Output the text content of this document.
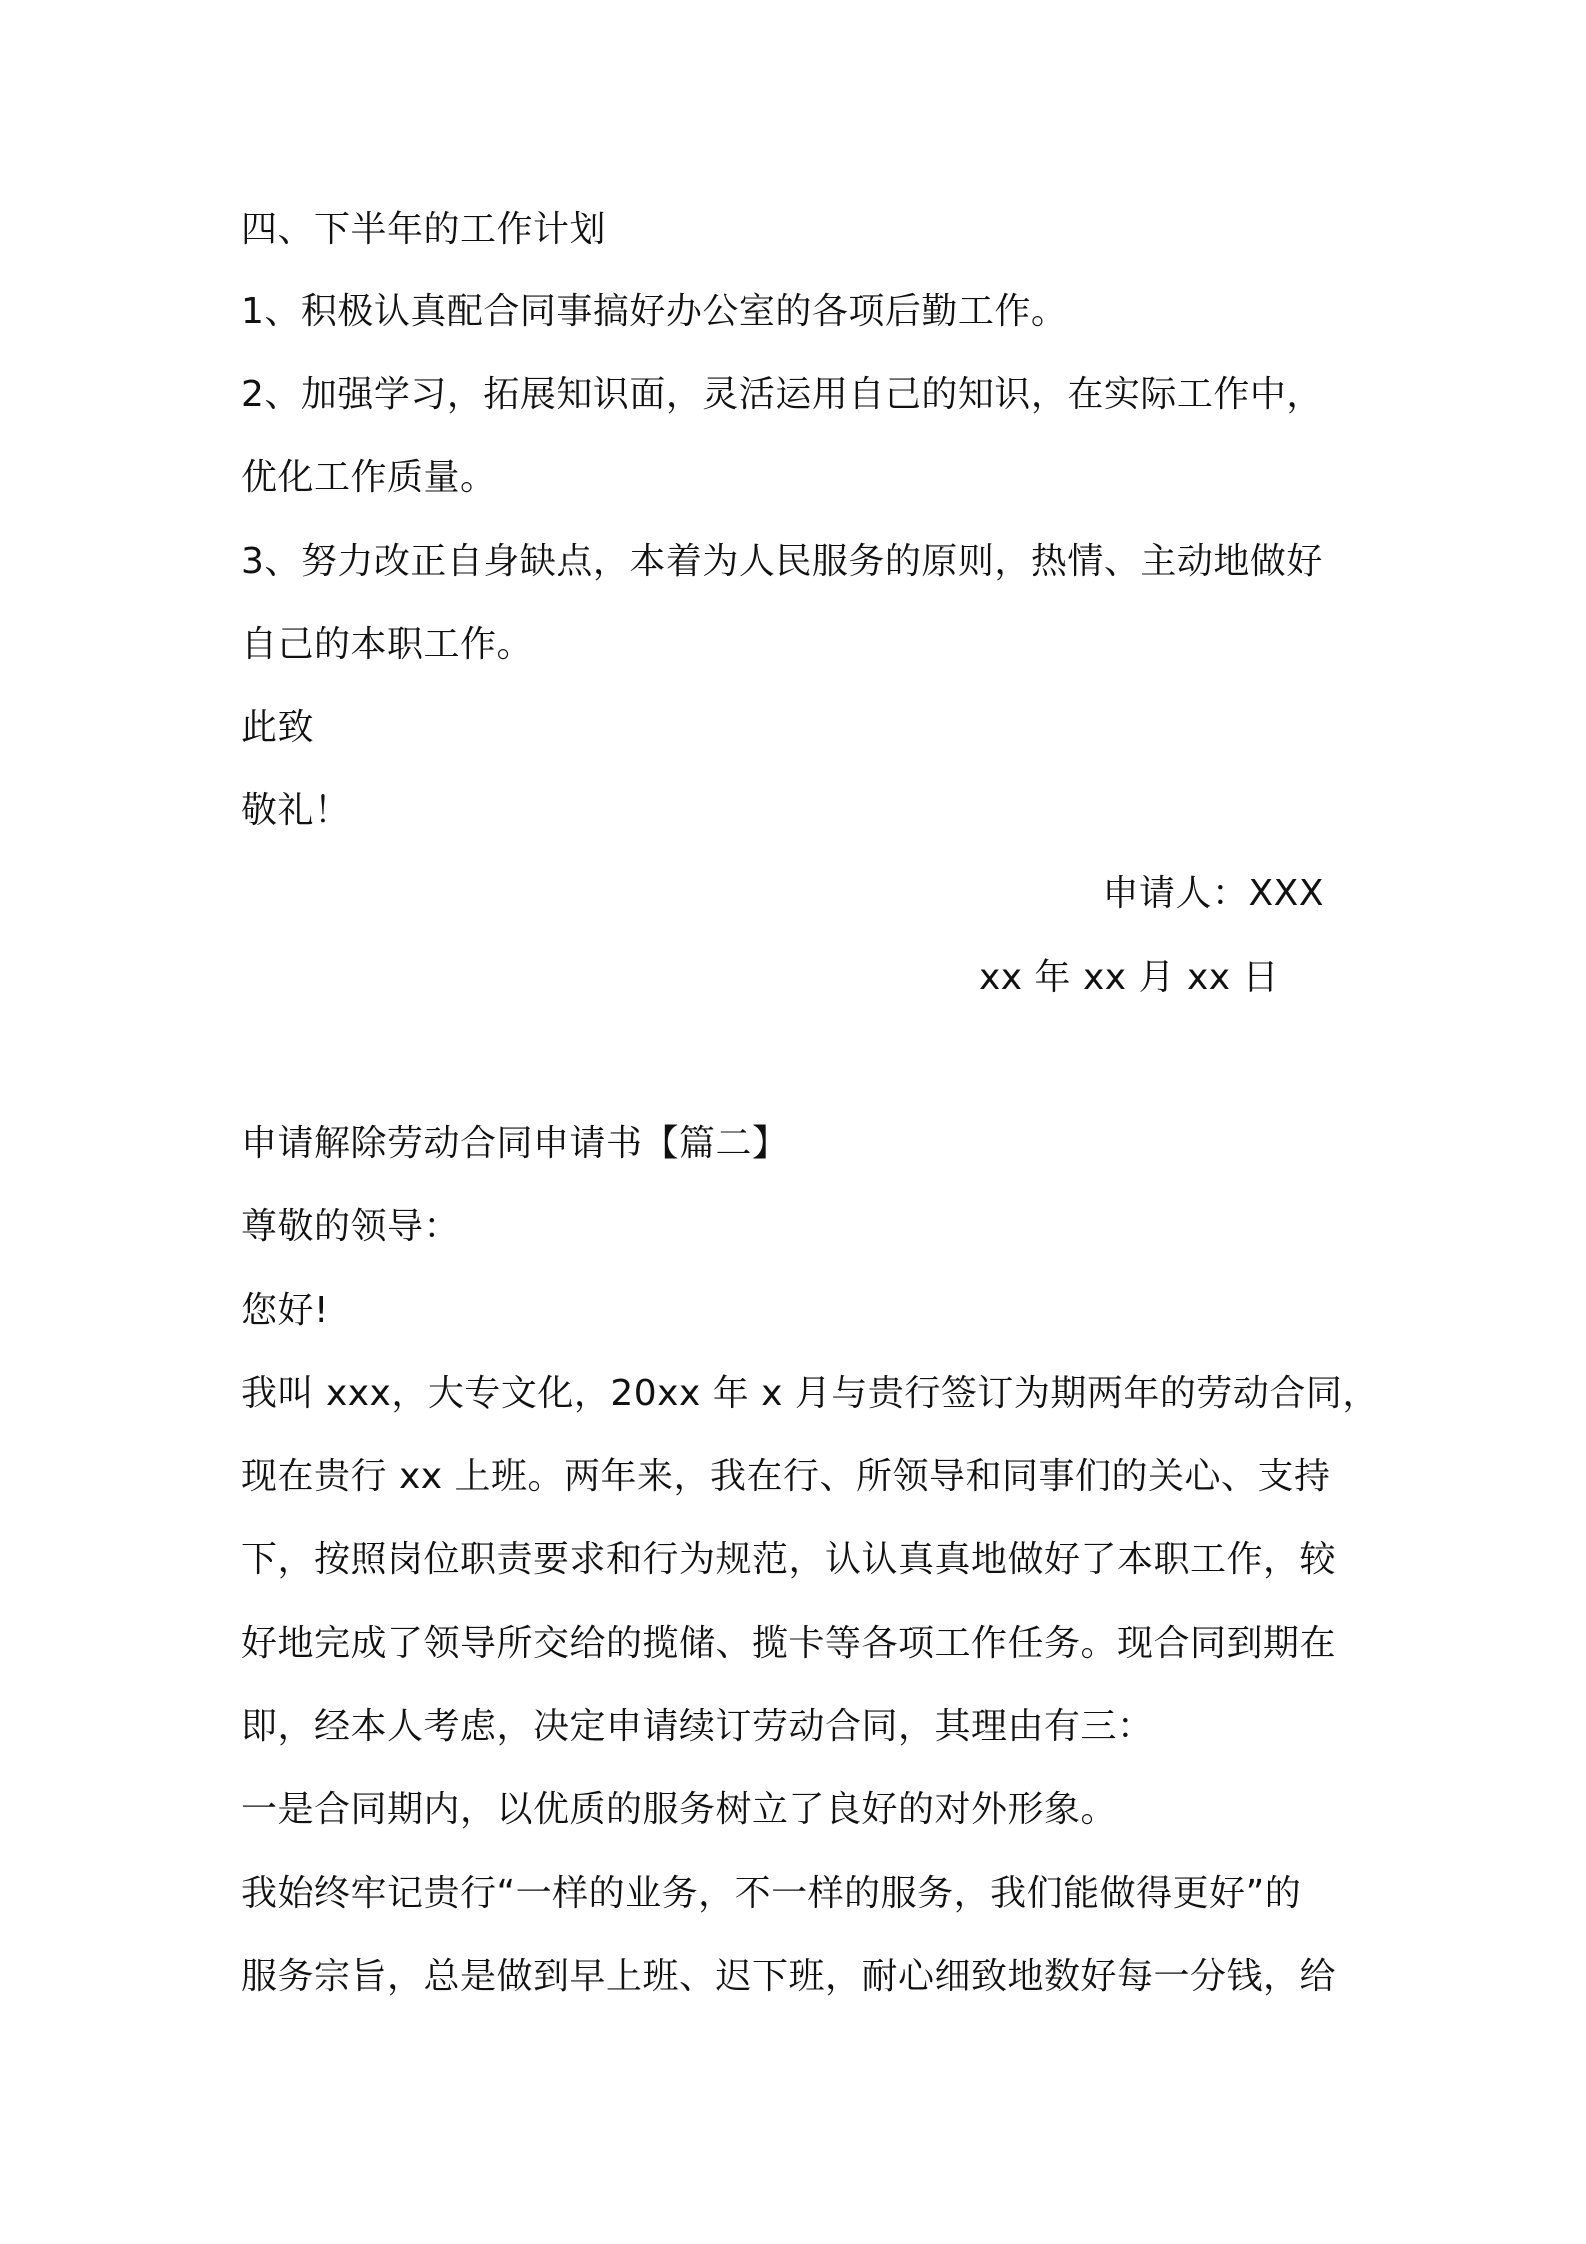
四、下半年的工作计划
1、积极认真配合同事搞好办公室的各项后勤工作。
2、加强学习，拓展知识面，灵活运用自己的知识，在实际工作中，
优化工作质量。
3、努力改正自身缺点，本着为人民服务的原则，热情、主动地做好
自己的本职工作。
此致
敬礼！
申请人：XXX
xx 年 xx 月 xx 日
申请解除劳动合同申请书【篇二】
尊敬的领导：
您好!
我叫 xxx，大专文化，20xx 年 x 月与贵行签订为期两年的劳动合同，
现在贵行 xx 上班。两年来，我在行、所领导和同事们的关心、支持
下，按照岗位职责要求和行为规范，认认真真地做好了本职工作，较
好地完成了领导所交给的揽储、揽卡等各项工作任务。现合同到期在
即，经本人考虑，决定申请续订劳动合同，其理由有三：
一是合同期内，以优质的服务树立了良好的对外形象。
我始终牢记贵行“一样的业务，不一样的服务，我们能做得更好”的
服务宗旨，总是做到早上班、迟下班，耐心细致地数好每一分钱，给
